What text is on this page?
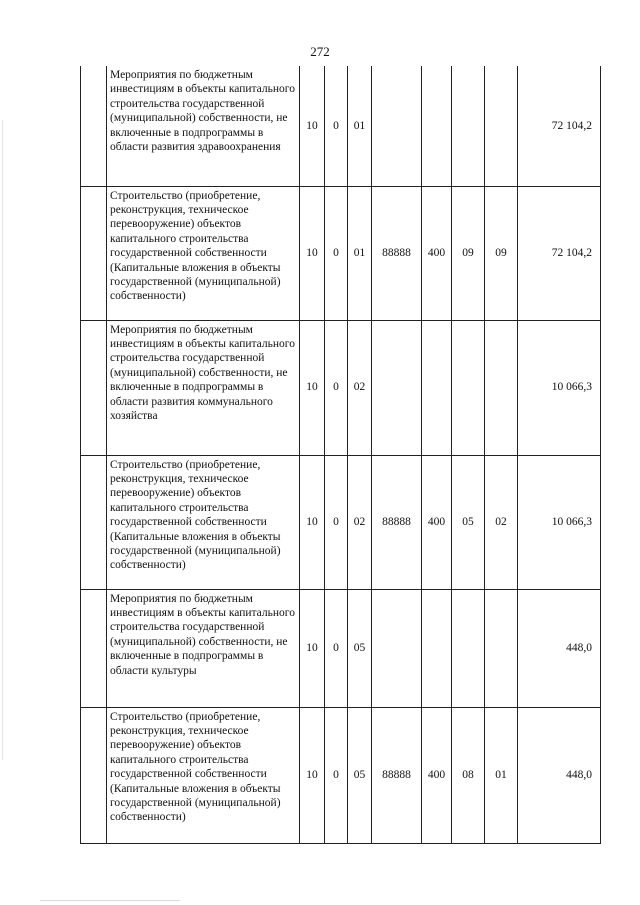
272
	Мероприятия по бюджетным инвестициям в объекты капитального строительства государственной (муниципальной) собственности, не включенные в подпрограммы в области развития здравоохранения	10	0	01					72 104,2
	Строительство (приобретение, реконструкция, техническое перевооружение) объектов капитального строительства государственной собственности (Капитальные вложения в объекты государственной (муниципальной) собственности)	10	0	01	88888	400	09	09	72 104,2
	Мероприятия по бюджетным инвестициям в объекты капитального строительства государственной (муниципальной) собственности, не включенные в подпрограммы в области развития коммунального хозяйства	10	0	02					10 066,3
	Строительство (приобретение, реконструкция, техническое перевооружение) объектов капитального строительства государственной собственности (Капитальные вложения в объекты государственной (муниципальной) собственности)	10	0	02	88888	400	05	02	10 066,3
	Мероприятия по бюджетным инвестициям в объекты капитального строительства государственной (муниципальной) собственности, не включенные в подпрограммы в области культуры	10	0	05					448,0
	Строительство (приобретение, реконструкция, техническое перевооружение) объектов капитального строительства государственной собственности (Капитальные вложения в объекты государственной (муниципальной) собственности)	10	0	05	88888	400	08	01	448,0
